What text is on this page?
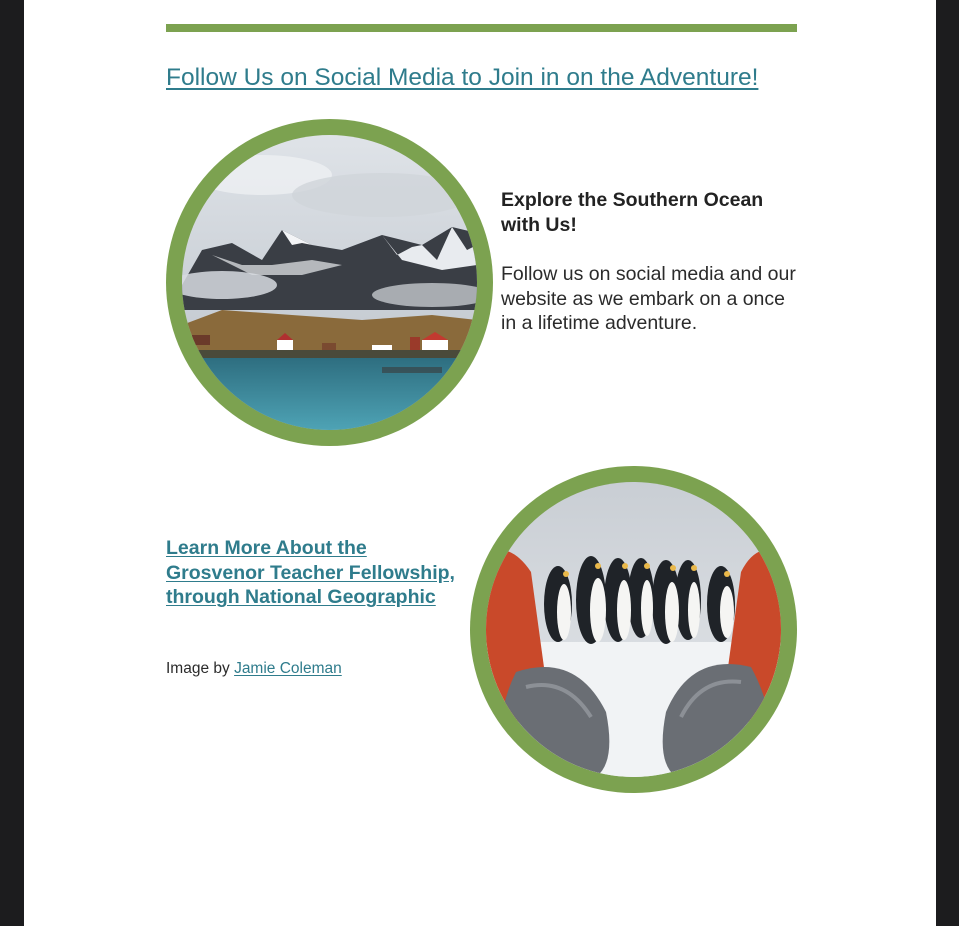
Follow Us on Social Media to Join in on the Adventure!
Explore the Southern Ocean with Us!
Follow us on social media and our website as we embark on a once in a lifetime adventure.
Learn More About the Grosvenor Teacher Fellowship, through National Geographic
Image by Jamie Coleman
